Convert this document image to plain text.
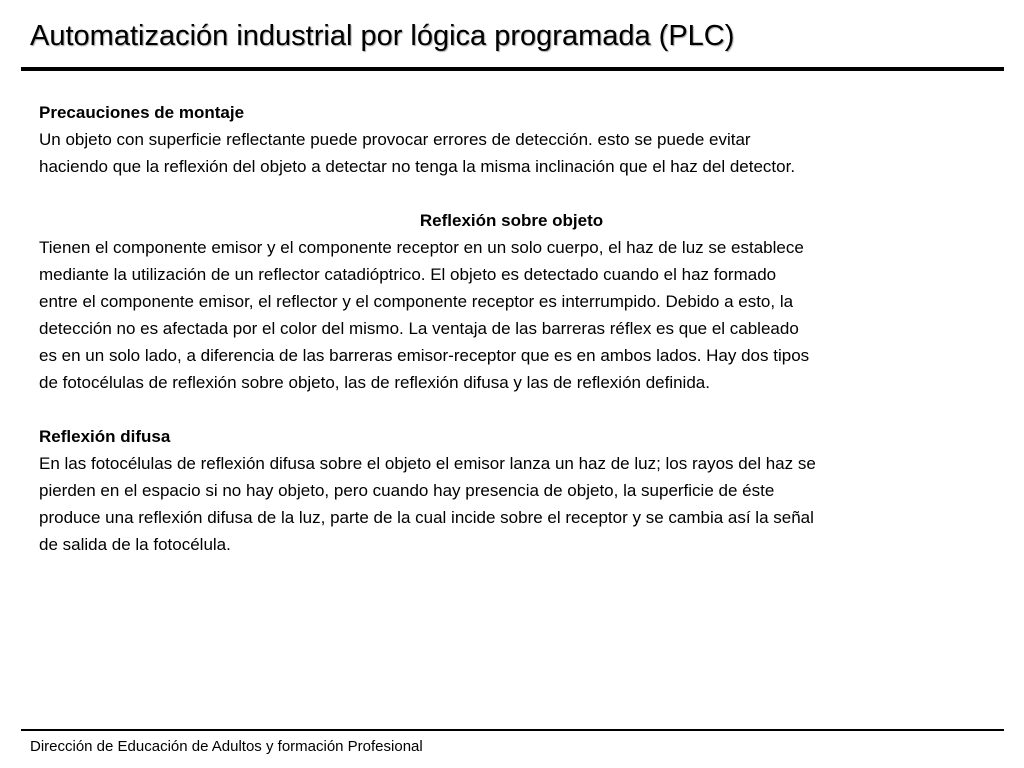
Automatización industrial por lógica programada (PLC)

Precauciones de montaje

Un objeto con superficie reflectante puede provocar errores de detección. esto se puede evitar

haciendo que la reflexión del objeto a detectar no tenga la misma inclinación que el haz del detector.

Reflexión sobre objeto

Tienen el componente emisor y el componente receptor en un solo cuerpo, el haz de luz se establece

mediante la utilización de un reflector catadióptrico. El objeto es detectado cuando el haz formado

entre el componente emisor, el reflector y el componente receptor es interrumpido. Debido a esto, la

detección no es afectada por el color del mismo. La ventaja de las barreras réflex es que el cableado

es en un solo lado, a diferencia de las barreras emisor-receptor que es en ambos lados. Hay dos tipos

de fotocélulas de reflexión sobre objeto, las de reflexión difusa y las de reflexión definida.

Reflexión difusa

En las fotocélulas de reflexión difusa sobre el objeto el emisor lanza un haz de luz; los rayos del haz se

pierden en el espacio si no hay objeto, pero cuando hay presencia de objeto, la superficie de éste

produce una reflexión difusa de la luz, parte de la cual incide sobre el receptor y se cambia así la señal

de salida de la fotocélula.

Dirección de Educación de Adultos y formación Profesional
